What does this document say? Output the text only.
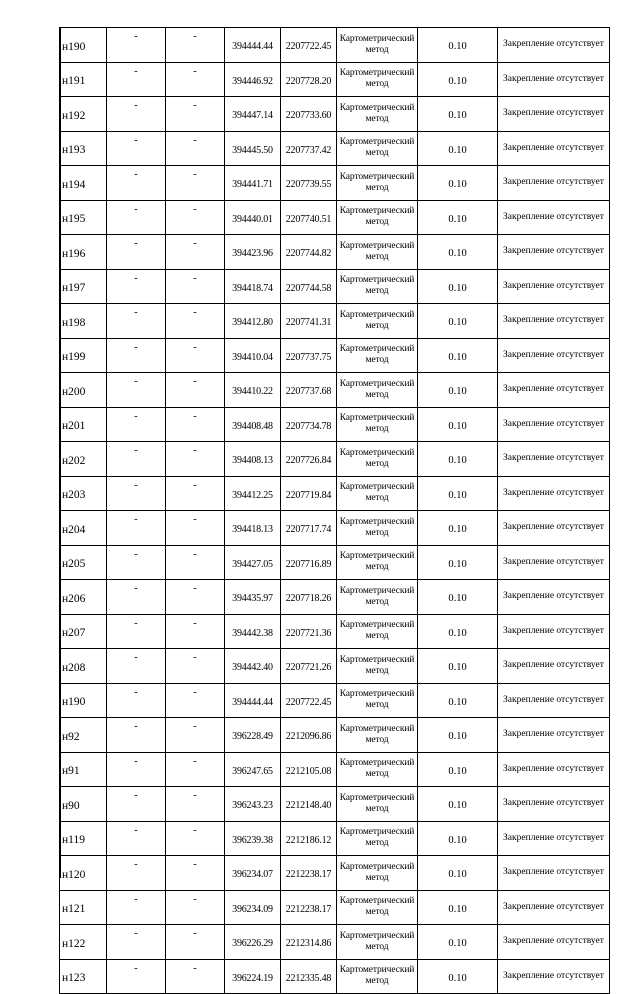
н190	-	-	394444.44	2207722.45	Картометрический метод	0.10	Закрепление отсутствует
н191	-	-	394446.92	2207728.20	Картометрический метод	0.10	Закрепление отсутствует
н192	-	-	394447.14	2207733.60	Картометрический метод	0.10	Закрепление отсутствует
н193	-	-	394445.50	2207737.42	Картометрический метод	0.10	Закрепление отсутствует
н194	-	-	394441.71	2207739.55	Картометрический метод	0.10	Закрепление отсутствует
н195	-	-	394440.01	2207740.51	Картометрический метод	0.10	Закрепление отсутствует
н196	-	-	394423.96	2207744.82	Картометрический метод	0.10	Закрепление отсутствует
н197	-	-	394418.74	2207744.58	Картометрический метод	0.10	Закрепление отсутствует
н198	-	-	394412.80	2207741.31	Картометрический метод	0.10	Закрепление отсутствует
н199	-	-	394410.04	2207737.75	Картометрический метод	0.10	Закрепление отсутствует
н200	-	-	394410.22	2207737.68	Картометрический метод	0.10	Закрепление отсутствует
н201	-	-	394408.48	2207734.78	Картометрический метод	0.10	Закрепление отсутствует
н202	-	-	394408.13	2207726.84	Картометрический метод	0.10	Закрепление отсутствует
н203	-	-	394412.25	2207719.84	Картометрический метод	0.10	Закрепление отсутствует
н204	-	-	394418.13	2207717.74	Картометрический метод	0.10	Закрепление отсутствует
н205	-	-	394427.05	2207716.89	Картометрический метод	0.10	Закрепление отсутствует
н206	-	-	394435.97	2207718.26	Картометрический метод	0.10	Закрепление отсутствует
н207	-	-	394442.38	2207721.36	Картометрический метод	0.10	Закрепление отсутствует
н208	-	-	394442.40	2207721.26	Картометрический метод	0.10	Закрепление отсутствует
н190	-	-	394444.44	2207722.45	Картометрический метод	0.10	Закрепление отсутствует
н92	-	-	396228.49	2212096.86	Картометрический метод	0.10	Закрепление отсутствует
н91	-	-	396247.65	2212105.08	Картометрический метод	0.10	Закрепление отсутствует
н90	-	-	396243.23	2212148.40	Картометрический метод	0.10	Закрепление отсутствует
н119	-	-	396239.38	2212186.12	Картометрический метод	0.10	Закрепление отсутствует
н120	-	-	396234.07	2212238.17	Картометрический метод	0.10	Закрепление отсутствует
н121	-	-	396234.09	2212238.17	Картометрический метод	0.10	Закрепление отсутствует
н122	-	-	396226.29	2212314.86	Картометрический метод	0.10	Закрепление отсутствует
н123	-	-	396224.19	2212335.48	Картометрический метод	0.10	Закрепление отсутствует
